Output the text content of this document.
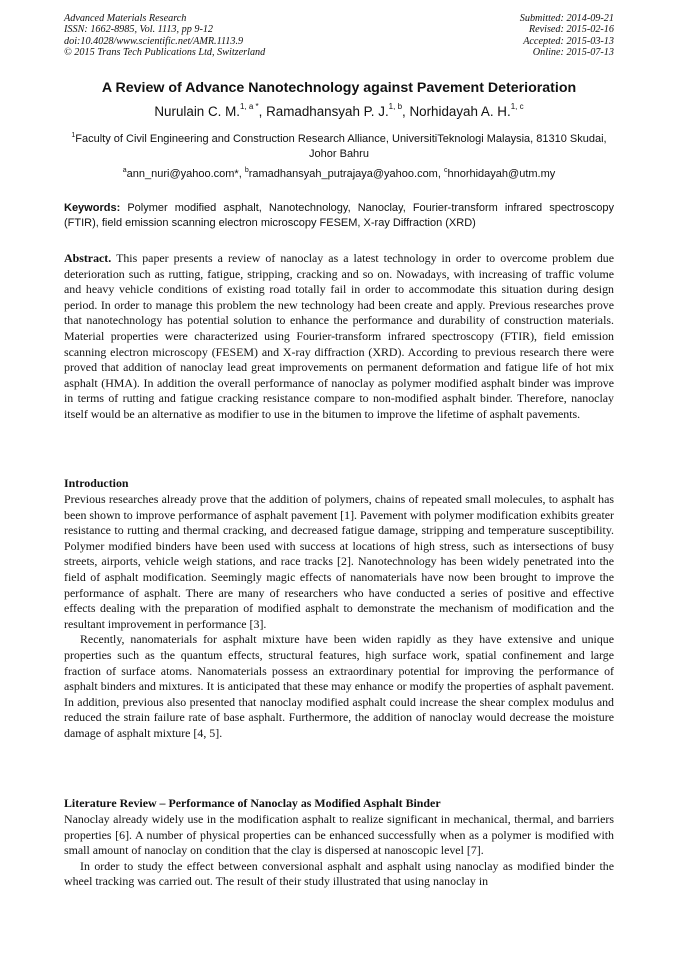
Advanced Materials Research
ISSN: 1662-8985, Vol. 1113, pp 9-12
doi:10.4028/www.scientific.net/AMR.1113.9
© 2015 Trans Tech Publications Ltd, Switzerland
Submitted: 2014-09-21
Revised: 2015-02-16
Accepted: 2015-03-13
Online: 2015-07-13
A Review of Advance Nanotechnology against Pavement Deterioration
Nurulain C. M.$^{1, a *}$, Ramadhansyah P. J.$^{1, b}$, Norhidayah A. H.$^{1, c}$
$^1$Faculty of Civil Engineering and Construction Research Alliance, UniversitiTeknologi Malaysia, 81310 Skudai, Johor Bahru
$^a$ann_nuri@yahoo.com*, $^b$ramadhansyah_putrajaya@yahoo.com, $^c$hnorhidayah@utm.my
Keywords: Polymer modified asphalt, Nanotechnology, Nanoclay, Fourier-transform infrared spectroscopy (FTIR), field emission scanning electron microscopy FESEM, X-ray Diffraction (XRD)

Abstract. This paper presents a review of nanoclay as a latest technology in order to overcome problem due deterioration such as rutting, fatigue, stripping, cracking and so on. Nowadays, with increasing of traffic volume and heavy vehicle conditions of existing road totally fail in order to accommodate this situation during design period. In order to manage this problem the new technology had been create and apply. Previous researches prove that nanotechnology has potential solution to enhance the performance and durability of construction materials. Material properties were characterized using Fourier-transform infrared spectroscopy (FTIR), field emission scanning electron microscopy (FESEM) and X-ray diffraction (XRD). According to previous research there were proved that addition of nanoclay lead great improvements on permanent deformation and fatigue life of hot mix asphalt (HMA). In addition the overall performance of nanoclay as polymer modified asphalt binder was improve in terms of rutting and fatigue cracking resistance compare to non-modified asphalt binder. Therefore, nanoclay itself would be an alternative as modifier to use in the bitumen to improve the lifetime of asphalt pavements.

Introduction

Previous researches already prove that the addition of polymers, chains of repeated small molecules, to asphalt has been shown to improve performance of asphalt pavement [1]. Pavement with polymer modification exhibits greater resistance to rutting and thermal cracking, and decreased fatigue damage, stripping and temperature susceptibility. Polymer modified binders have been used with success at locations of high stress, such as intersections of busy streets, airports, vehicle weigh stations, and race tracks [2]. Nanotechnology has been widely penetrated into the field of asphalt modification. Seemingly magic effects of nanomaterials have now been brought to improve the performance of asphalt. There are many of researchers who have conducted a series of positive and effective effects dealing with the preparation of modified asphalt to demonstrate the mechanism of modification and the resultant improvement in performance [3].

Recently, nanomaterials for asphalt mixture have been widen rapidly as they have extensive and unique properties such as the quantum effects, structural features, high surface work, spatial confinement and large fraction of surface atoms. Nanomaterials possess an extraordinary potential for improving the performance of asphalt binders and mixtures. It is anticipated that these may enhance or modify the properties of asphalt pavement. In addition, previous also presented that nanoclay modified asphalt could increase the shear complex modulus and reduced the strain failure rate of base asphalt. Furthermore, the addition of nanoclay would decrease the moisture damage of asphalt mixture [4, 5].

Literature Review – Performance of Nanoclay as Modified Asphalt Binder

Nanoclay already widely use in the modification asphalt to realize significant in mechanical, thermal, and barriers properties [6]. A number of physical properties can be enhanced successfully when as a polymer is modified with small amount of nanoclay on condition that the clay is dispersed at nanoscopic level [7].

In order to study the effect between conversional asphalt and asphalt using nanoclay as modified binder the wheel tracking was carried out. The result of their study illustrated that using nanoclay in
